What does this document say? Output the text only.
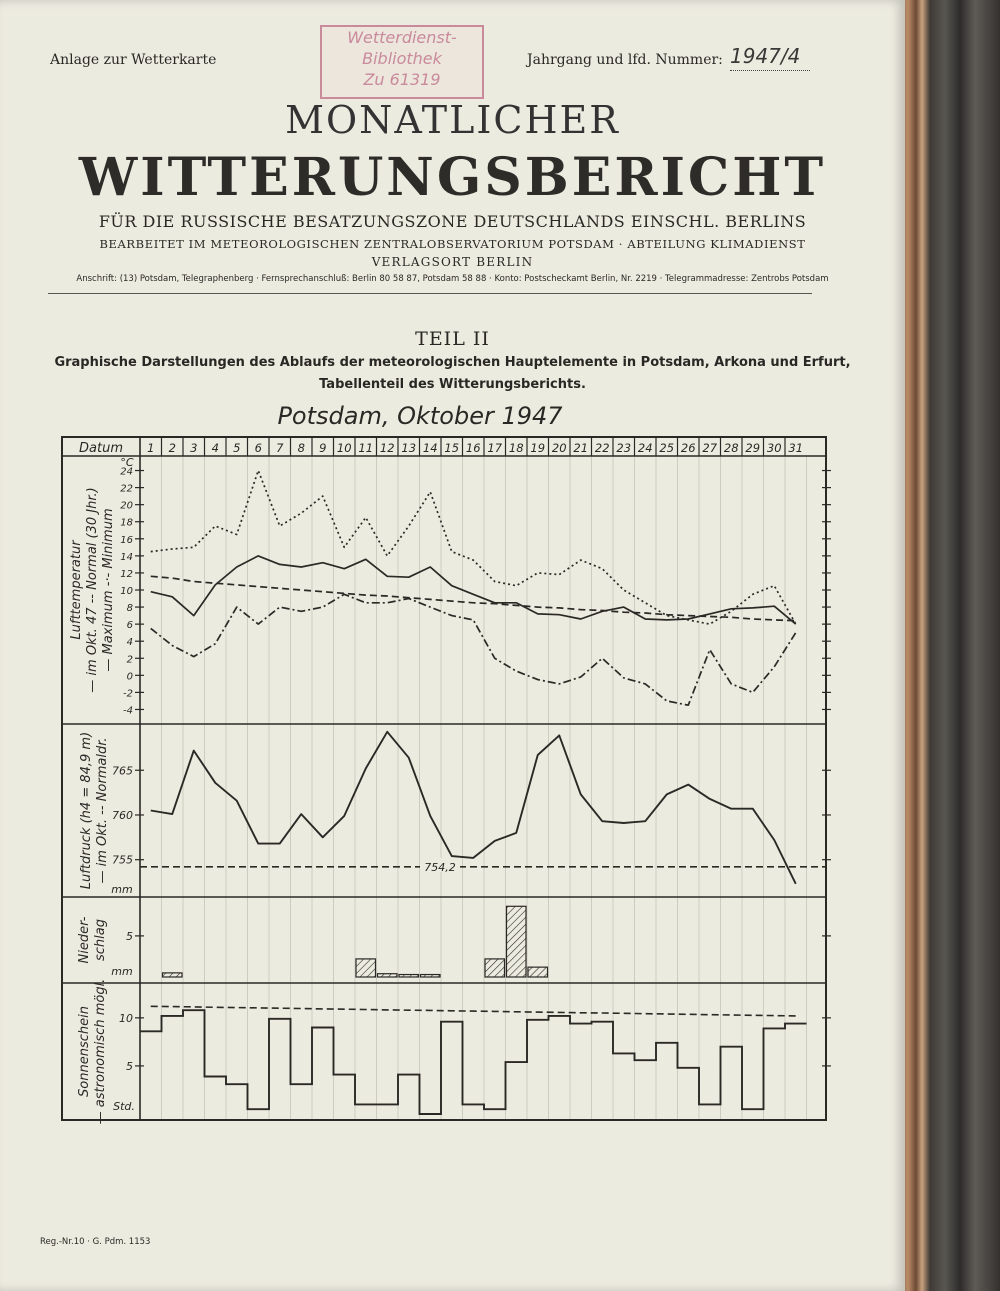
Anlage zur Wetterkarte
Wetterdienst-
Bibliothek
Zu 61319
Jahrgang und lfd. Nummer: 1947/4
MONATLICHER
WITTERUNGSBERICHT
FÜR DIE RUSSISCHE BESATZUNGSZONE DEUTSCHLANDS EINSCHL. BERLINS
BEARBEITET IM METEOROLOGISCHEN ZENTRALOBSERVATORIUM POTSDAM · ABTEILUNG KLIMADIENST
VERLAGSORT BERLIN
Anschrift: (13) Potsdam, Telegraphenberg · Fernsprechanschluß: Berlin 80 58 87, Potsdam 58 88 · Konto: Postscheckamt Berlin, Nr. 2219 · Telegrammadresse: Zentrobs Potsdam
TEIL II
Graphische Darstellungen des Ablaufs der meteorologischen Hauptelemente in Potsdam, Arkona und Erfurt,
Tabellenteil des Witterungsberichts.
Potsdam, Oktober 1947
Datum 1 2 3 4 5 6 7 8 9 10 11 12 13 14 15 16 17 18 19 20 21 22 23 24 25 26 27 28 29 30 31
-4
-2
0
2
4
6
8
10
12
14
16
18
20
22
24
Lufttemperatur — im Okt. 47 -- Normal (30 Jhr.) — Maximum -·- Minimum
°C
755
760
765
Luftdruck (h4 = 84,9 m) — im Okt. -- Normaldr.
mm
754,2
5
Nieder- schlag
mm
5
10
Sonnenschein — astronomisch mögl. Std.
Reg.-Nr.10 · G. Pdm. 1153
